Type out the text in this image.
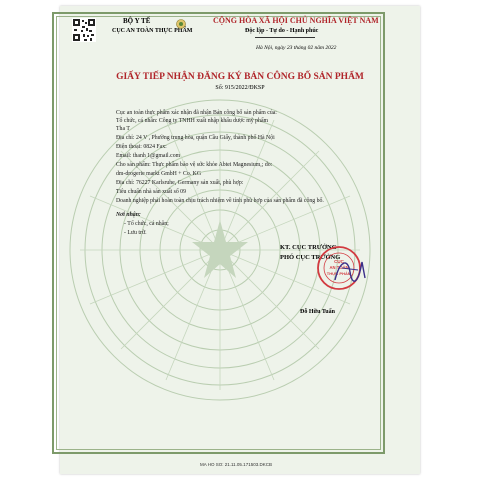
BỘ Y TẾ
CỤC AN TOÀN THỰC PHẨM
CỘNG HÒA XÃ HỘI CHỦ NGHĨA VIỆT NAM
Độc lập - Tự do - Hạnh phúc
Hà Nội, ngày 23 tháng 02 năm 2022
GIẤY TIẾP NHẬN ĐĂNG KÝ BẢN CÔNG BỐ SẢN PHẨM
Số: 915/2022/ĐKSP
Cục an toàn thực phẩm xác nhận đã nhận Bản công bố sản phẩm của:
Tổ chức, cá nhân: Công ty TNHH xuất nhập khẩu dược mỹ phẩm
Tha T
Địa chỉ: 24 V , Phường trung hòa, quận Cầu Giấy, thành phố Hà Nội
Điện thoại: 0824 Fax:
Email: thanh 1@gmail.com
Cho sản phẩm: Thực phẩm bảo vệ sức khỏe Abtei Magnesium,; do:
dm-drogerie markt GmbH + Co. KG
Địa chỉ: 76227 Karlsruhe, Germany sản xuất, phù hợp:
Tiêu chuẩn nhà sản xuất số 09
Doanh nghiệp phải hoàn toàn chịu trách nhiệm về tính phù hợp của sản phẩm đã công bố.
Nơi nhận:
- Tổ chức, cá nhân;
- Lưu trữ.
KT. CỤC TRƯỞNG
PHÓ CỤC TRƯỞNG
CỤC
AN TOÀN
THỰC PHẨM
Đỗ Hữu Tuấn
MA HO SO: 21.11.05.171503.DKCB
